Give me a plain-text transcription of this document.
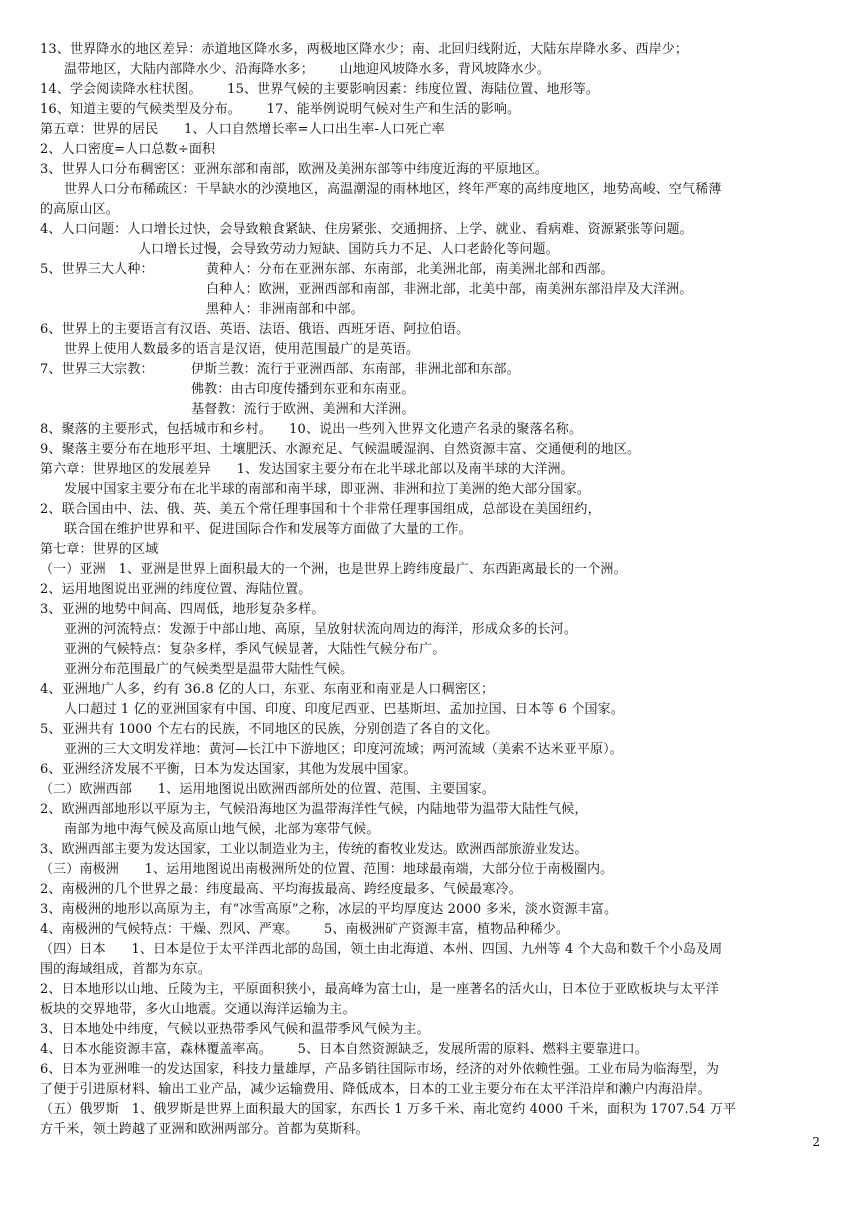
13、世界降水的地区差异：赤道地区降水多，两极地区降水少；南、北回归线附近，大陆东岸降水多、西岸少；
温带地区，大陆内部降水少、沿海降水多；      山地迎风坡降水多，背风坡降水少。
14、学会阅读降水柱状图。      15、世界气候的主要影响因素：纬度位置、海陆位置、地形等。
16、知道主要的气候类型及分布。      17、能举例说明气候对生产和生活的影响。
第五章：世界的居民      1、人口自然增长率=人口出生率-人口死亡率
2、人口密度=人口总数÷面积
3、世界人口分布稠密区：亚洲东部和南部，欧洲及美洲东部等中纬度近海的平原地区。
世界人口分布稀疏区：干旱缺水的沙漠地区，高温潮湿的雨林地区，终年严寒的高纬度地区，地势高峻、空气稀薄
的高原山区。
4、人口问题：人口增长过快，会导致粮食紧缺、住房紧张、交通拥挤、上学、就业、看病难、资源紧张等问题。
人口增长过慢，会导致劳动力短缺、国防兵力不足、人口老龄化等问题。
5、世界三大人种：	黄种人：分布在亚洲东部、东南部，北美洲北部，南美洲北部和西部。
白种人：欧洲，亚洲西部和南部，非洲北部，北美中部，南美洲东部沿岸及大洋洲。
黑种人：非洲南部和中部。
6、世界上的主要语言有汉语、英语、法语、俄语、西班牙语、阿拉伯语。
世界上使用人数最多的语言是汉语，使用范围最广的是英语。
7、世界三大宗教：	伊斯兰教：流行于亚洲西部、东南部，非洲北部和东部。
佛教：由古印度传播到东亚和东南亚。
基督教：流行于欧洲、美洲和大洋洲。
8、聚落的主要形式，包括城市和乡村。    10、说出一些列入世界文化遗产名录的聚落名称。
9、聚落主要分布在地形平坦、土壤肥沃、水源充足、气候温暖湿润、自然资源丰富、交通便利的地区。
第六章：世界地区的发展差异      1、发达国家主要分布在北半球北部以及南半球的大洋洲。
发展中国家主要分布在北半球的南部和南半球，即亚洲、非洲和拉丁美洲的绝大部分国家。
2、联合国由中、法、俄、英、美五个常任理事国和十个非常任理事国组成，总部设在美国纽约，
联合国在维护世界和平、促进国际合作和发展等方面做了大量的工作。
第七章：世界的区域
（一）亚洲   1、亚洲是世界上面积最大的一个洲，也是世界上跨纬度最广、东西距离最长的一个洲。
2、运用地图说出亚洲的纬度位置、海陆位置。
3、亚洲的地势中间高、四周低，地形复杂多样。
亚洲的河流特点：发源于中部山地、高原，呈放射状流向周边的海洋，形成众多的长河。
亚洲的气候特点：复杂多样，季风气候显著，大陆性气候分布广。
亚洲分布范围最广的气候类型是温带大陆性气候。
4、亚洲地广人多，约有 36.8 亿的人口，东亚、东南亚和南亚是人口稠密区；
人口超过 1 亿的亚洲国家有中国、印度、印度尼西亚、巴基斯坦、孟加拉国、日本等 6 个国家。
5、亚洲共有 1000 个左右的民族，不同地区的民族，分别创造了各自的文化。
亚洲的三大文明发祥地：黄河—长江中下游地区；印度河流域；两河流域（美索不达米亚平原）。
6、亚洲经济发展不平衡，日本为发达国家，其他为发展中国家。
（二）欧洲西部      1、运用地图说出欧洲西部所处的位置、范围、主要国家。
2、欧洲西部地形以平原为主，气候沿海地区为温带海洋性气候，内陆地带为温带大陆性气候，
南部为地中海气候及高原山地气候，北部为寒带气候。
3、欧洲西部主要为发达国家，工业以制造业为主，传统的畜牧业发达。欧洲西部旅游业发达。
（三）南极洲      1、运用地图说出南极洲所处的位置、范围：地球最南端，大部分位于南极圈内。
2、南极洲的几个世界之最：纬度最高、平均海拔最高、跨经度最多、气候最寒冷。
3、南极洲的地形以高原为主，有“冰雪高原”之称，冰层的平均厚度达 2000 多米，淡水资源丰富。
4、南极洲的气候特点：干燥、烈风、严寒。      5、南极洲矿产资源丰富，植物品种稀少。
（四）日本      1、日本是位于太平洋西北部的岛国，领土由北海道、本州、四国、九州等 4 个大岛和数千个小岛及周
围的海域组成，首都为东京。
2、日本地形以山地、丘陵为主，平原面积狭小，最高峰为富士山，是一座著名的活火山，日本位于亚欧板块与太平洋
板块的交界地带，多火山地震。交通以海洋运输为主。
3、日本地处中纬度，气候以亚热带季风气候和温带季风气候为主。
4、日本水能资源丰富，森林覆盖率高。      5、日本自然资源缺乏，发展所需的原料、燃料主要靠进口。
6、日本为亚洲唯一的发达国家，科技力量雄厚，产品多销往国际市场，经济的对外依赖性强。工业布局为临海型，为
了便于引进原材料、输出工业产品，减少运输费用、降低成本，日本的工业主要分布在太平洋沿岸和濑户内海沿岸。
（五）俄罗斯   1、俄罗斯是世界上面积最大的国家，东西长 1 万多千米、南北宽约 4000 千米，面积为 1707.54 万平
方千米，领土跨越了亚洲和欧洲两部分。首都为莫斯科。
2
